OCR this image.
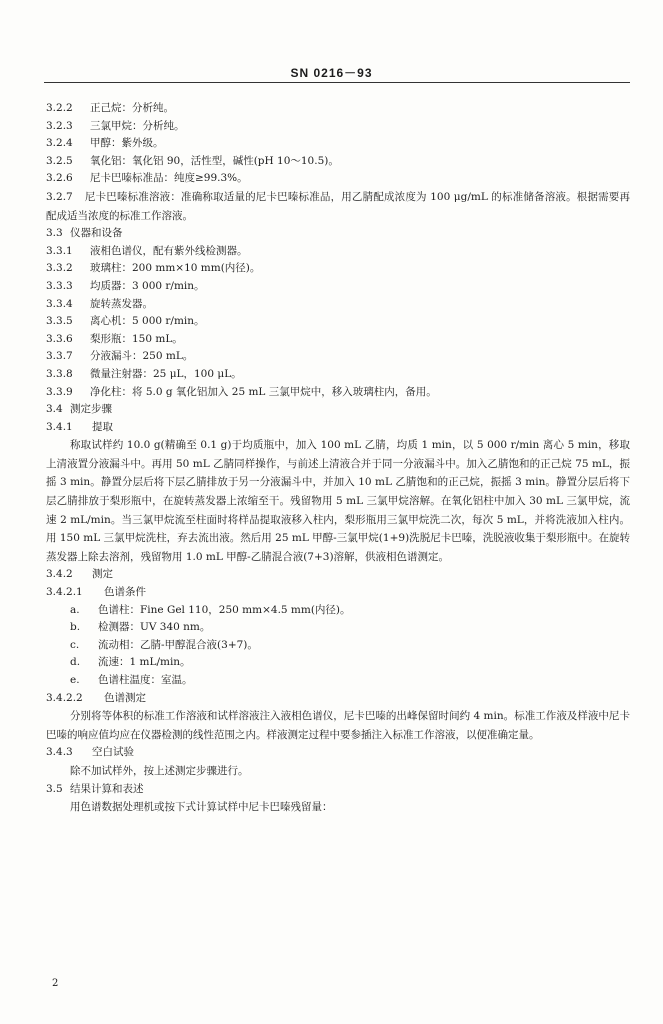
SN 0216－93
3.2.2 正己烷：分析纯。
3.2.3 三氯甲烷：分析纯。
3.2.4 甲醇：紫外级。
3.2.5 氧化铝：氧化铝 90，活性型，碱性(pH 10～10.5)。
3.2.6 尼卡巴嗪标准品：纯度≥99.3%。

3.2.7 尼卡巴嗪标准溶液：准确称取适量的尼卡巴嗪标准品，用乙腈配成浓度为 100 μg/mL 的标准储备溶液。根据需要再配成适当浓度的标准工作溶液。

3.3 仪器和设备
3.3.1 液相色谱仪，配有紫外线检测器。
3.3.2 玻璃柱：200 mm×10 mm(内径)。
3.3.3 均质器：3 000 r/min。
3.3.4 旋转蒸发器。
3.3.5 离心机：5 000 r/min。
3.3.6 梨形瓶：150 mL。
3.3.7 分液漏斗：250 mL。
3.3.8 微量注射器：25 μL，100 μL。
3.3.9 净化柱：将 5.0 g 氧化铝加入 25 mL 三氯甲烷中，移入玻璃柱内，备用。
3.4 测定步骤
3.4.1 提取

称取试样约 10.0 g(精确至 0.1 g)于均质瓶中，加入 100 mL 乙腈，均质 1 min，以 5 000 r/min 离心 5 min，移取上清液置分液漏斗中。再用 50 mL 乙腈同样操作，与前述上清液合并于同一分液漏斗中。加入乙腈饱和的正己烷 75 mL，振摇 3 min。静置分层后将下层乙腈排放于另一分液漏斗中，并加入 10 mL 乙腈饱和的正己烷，振摇 3 min。静置分层后将下层乙腈排放于梨形瓶中，在旋转蒸发器上浓缩至干。残留物用 5 mL 三氯甲烷溶解。在氧化铝柱中加入 30 mL 三氯甲烷，流速 2 mL/min。当三氯甲烷流至柱面时将样品提取液移入柱内，梨形瓶用三氯甲烷洗二次，每次 5 mL，并将洗液加入柱内。用 150 mL 三氯甲烷洗柱，弃去流出液。然后用 25 mL 甲醇-三氯甲烷(1+9)洗脱尼卡巴嗪，洗脱液收集于梨形瓶中。在旋转蒸发器上除去溶剂，残留物用 1.0 mL 甲醇-乙腈混合液(7+3)溶解，供液相色谱测定。

3.4.2 测定
3.4.2.1 色谱条件
a. 色谱柱：Fine Gel 110，250 mm×4.5 mm(内径)。
b. 检测器：UV 340 nm。
c. 流动相：乙腈-甲醇混合液(3+7)。
d. 流速：1 mL/min。
e. 色谱柱温度：室温。
3.4.2.2 色谱测定

分别将等体积的标准工作溶液和试样溶液注入液相色谱仪，尼卡巴嗪的出峰保留时间约 4 min。标准工作液及样液中尼卡巴嗪的响应值均应在仪器检测的线性范围之内。样液测定过程中要参插注入标准工作溶液，以便准确定量。

3.4.3 空白试验

除不加试样外，按上述测定步骤进行。

3.5 结果计算和表述

用色谱数据处理机或按下式计算试样中尼卡巴嗪残留量：

2
